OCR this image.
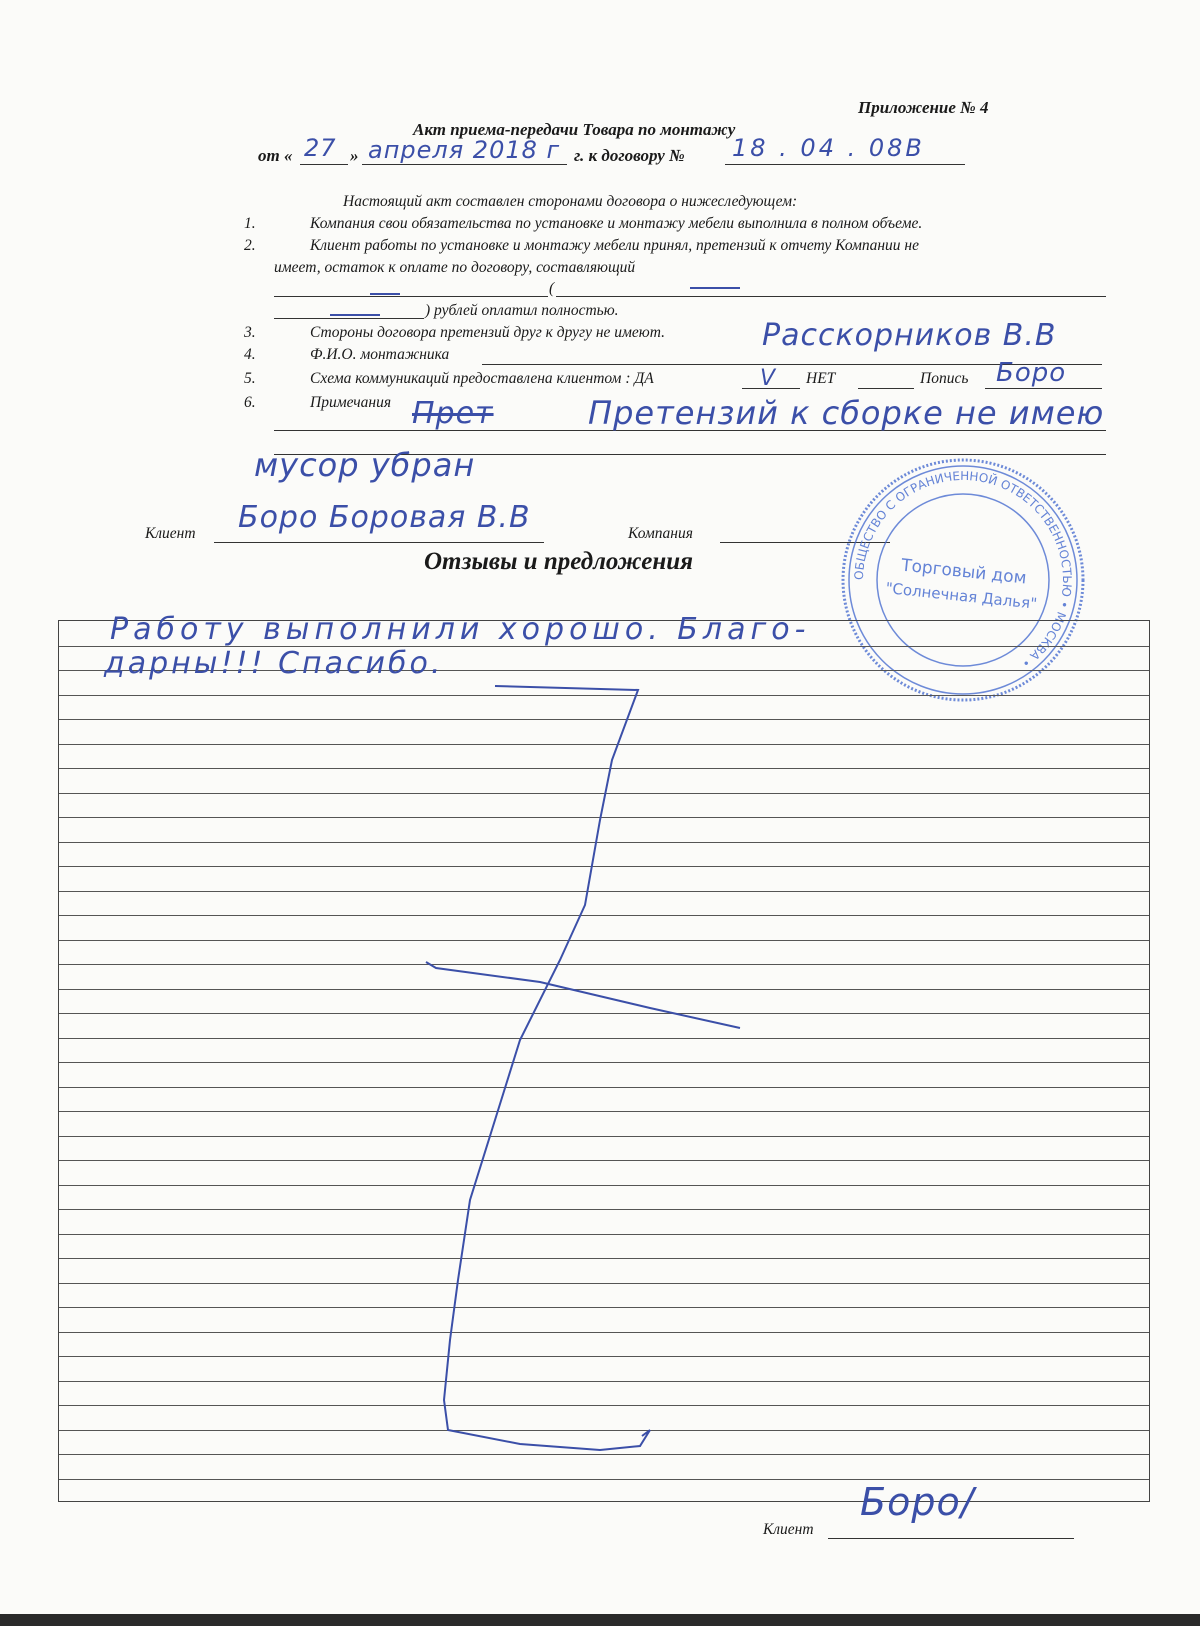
Приложение № 4
Акт приема-передачи Товара по монтажу
от « 27 » апреля 2018 г г. к договору № 18 . 04 . 08В
Настоящий акт составлен сторонами договора о нижеследующем:
1.	Компания свои обязательства по установке и монтажу мебели выполнила в полном объеме.
2.	Клиент работы по установке и монтажу мебели принял, претензий к отчету Компании не
имеет, остаток к оплате по договору, составляющий
(
) рублей оплатил полностью.
3.	Стороны договора претензий друг к другу не имеют.
4.	Ф.И.О. монтажника
Расскорников В.В
5.	Схема коммуникаций предоставлена клиентом : ДА	V НЕТ	Попись Боро
6.	Примечания Прет	Претензий к сборке не имею
мусор убран
Клиент Боро Боровая В.В	Компания
ОБЩЕСТВО С ОГРАНИЧЕННОЙ ОТВЕТСТВЕННОСТЬЮ • МОСКВА •
Торговый дом
"Солнечная Далья"
Отзывы и предложения
Работу выполнили хорошо. Благо-
дарны!!! Спасибо.
Клиент
Боро/
